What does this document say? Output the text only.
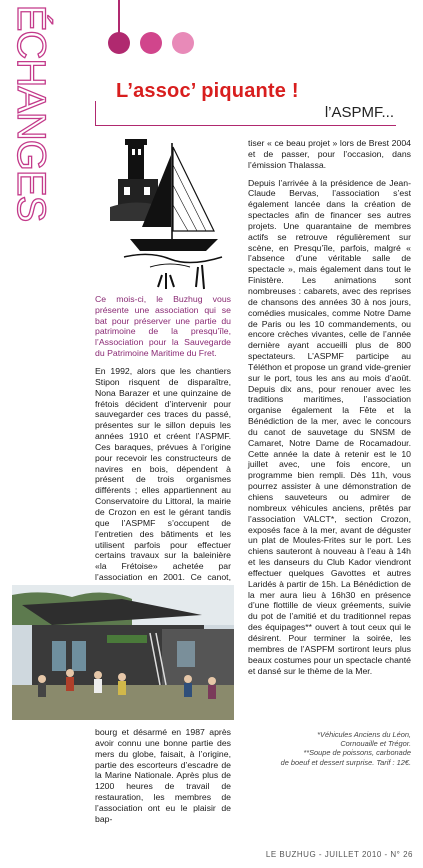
ÉCHANGES	L’assoc’ piquante !
l’ASPMF...
Ce mois-ci, le Buzhug vous présente une association qui se bat pour préserver une partie du patrimoine de la presqu’île, l’Association pour la Sauvegarde du Patrimoine Maritime du Fret.

En 1992, alors que les chantiers Stipon risquent de disparaître, Nona Barazer et une quinzaine de frétois décident d’intervenir pour sauvegarder ces traces du passé, présentes sur le sillon depuis les années 1910 et créent l’ASPMF. Ces baraques, prévues à l’origine pour recevoir les constructeurs de navires en bois, dépendent à présent de trois organismes différents ; elles appartiennent au Conservatoire du Littoral, la mairie de Crozon en est le gérant tandis que l’ASPMF s’occupent de l’entretien des bâtiments et les utilisent parfois pour effectuer certains travaux sur la baleinière «la Frétoise» achetée par l’association en 2001. Ce canot,

bourg et désarmé en 1987 après avoir connu une bonne partie des mers du globe, faisait, à l’origine, partie des escorteurs d’escadre de la Marine Nationale. Après plus de 1200 heures de travail de restauration, les membres de l’association ont eu le plaisir de bap-

tiser « ce beau projet » lors de Brest 2004 et de passer, pour l’occasion, dans l’émission Thalassa.

Depuis l’arrivée à la présidence de Jean-Claude Bervas, l’association s’est également lancée dans la création de spectacles afin de financer ses autres projets. Une quarantaine de membres actifs se retrouve régulièrement sur scène, en Presqu’île, parfois, malgré « l’absence d’une véritable salle de spectacle », mais également dans tout le Finistère. Les animations sont nombreuses : cabarets, avec des reprises de chansons des années 30 à nos jours, comédies musicales, comme Notre Dame de Paris ou les 10 commandements, ou encore crèches vivantes, celle de l’année dernière ayant accueilli plus de 800 spectateurs. L’ASPMF participe au Téléthon et propose un grand vide-grenier sur le port, tous les ans au mois d’août. Depuis dix ans, pour renouer avec les traditions maritimes, l’association organise également la Fête et la Bénédiction de la mer, avec le concours du canot de sauvetage du SNSM de Camaret, Notre Dame de Rocamadour. Cette année la date à retenir est le 10 juillet avec, une fois encore, un programme bien rempli. Dès 11h, vous pourrez assister à une démonstration de chiens sauveteurs ou admirer de nombreux véhicules anciens, prêtés par l’association VALCT*, section Crozon, exposés face à la mer, avant de déguster un plat de Moules-Frites sur le port. Les chiens sauteront à nouveau à l’eau à 14h et les danseurs du Club Kador viendront effectuer quelques Gavottes et autres Laridés à partir de 15h. La Bénédiction de la mer aura lieu à 16h30 en présence d’une flottille de vieux gréements, suivie du pot de l’amitié et du traditionnel repas des équipages** ouvert à tout ceux qui le désirent. Pour terminer la soirée, les membres de l’ASPFM sortiront leurs plus beaux costumes pour un spectacle chanté et dansé sur le thème de la Mer.

*Véhicules Anciens du Léon,
Cornouaille et Trégor.
**Soupe de poissons, carbonade
de boeuf et dessert surprise. Tarif : 12€.
LE BUZHUG - JUILLET 2010 - N° 26
